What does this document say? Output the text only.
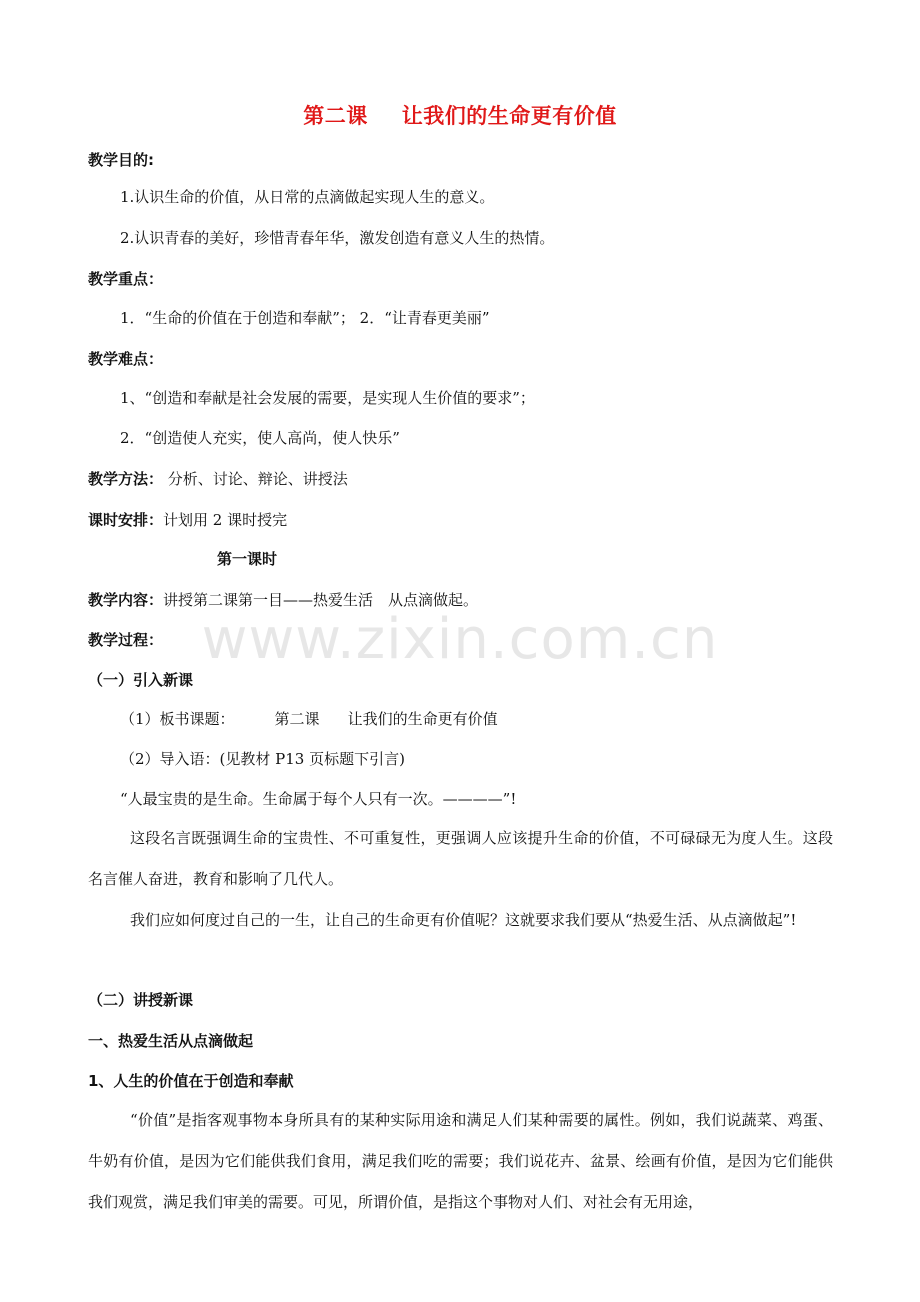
第二课 让我们的生命更有价值
教学目的:
1.认识生命的价值，从日常的点滴做起实现人生的意义。
2.认识青春的美好，珍惜青春年华，激发创造有意义人生的热情。
教学重点：
1．“生命的价值在于创造和奉献”； 2．“让青春更美丽”
教学难点：
1、“创造和奉献是社会发展的需要，是实现人生价值的要求”；
2．“创造使人充实，使人高尚，使人快乐”
教学方法： 分析、讨论、辩论、讲授法
课时安排：计划用 2 课时授完
第一课时
教学内容：讲授第二课第一目——热爱生活　从点滴做起。
教学过程：
（一）引入新课
（1）板书课题：	第二课 让我们的生命更有价值
（2）导入语：(见教材 P13 页标题下引言)
“人最宝贵的是生命。生命属于每个人只有一次。————”!
这段名言既强调生命的宝贵性、不可重复性，更强调人应该提升生命的价值，不可碌碌无为度人生。这段名言催人奋进，教育和影响了几代人。
我们应如何度过自己的一生，让自己的生命更有价值呢？这就要求我们要从“热爱生活、从点滴做起”!
（二）讲授新课
一、热爱生活从点滴做起
1、人生的价值在于创造和奉献
“价值”是指客观事物本身所具有的某种实际用途和满足人们某种需要的属性。例如，我们说蔬菜、鸡蛋、牛奶有价值，是因为它们能供我们食用，满足我们吃的需要；我们说花卉、盆景、绘画有价值，是因为它们能供我们观赏，满足我们审美的需要。可见，所谓价值，是指这个事物对人们、对社会有无用途，
www.zixin.com.cn
